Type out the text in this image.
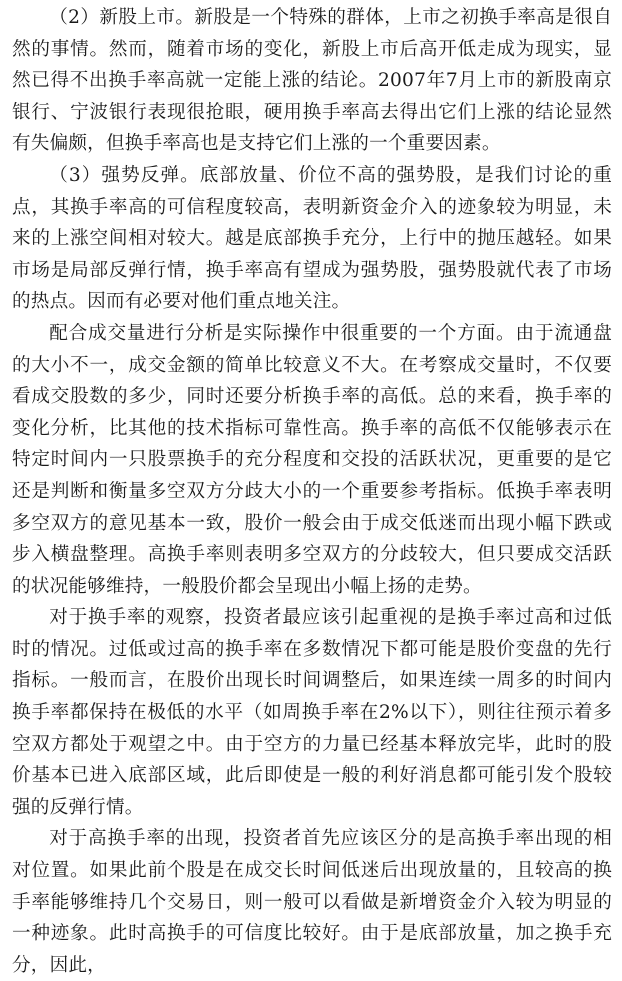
（2）新股上市。新股是一个特殊的群体，上市之初换手率高是很自然的事情。然而，随着市场的变化，新股上市后高开低走成为现实，显然已得不出换手率高就一定能上涨的结论。2007年7月上市的新股南京银行、宁波银行表现很抢眼，硬用换手率高去得出它们上涨的结论显然有失偏颇，但换手率高也是支持它们上涨的一个重要因素。

（3）强势反弹。底部放量、价位不高的强势股，是我们讨论的重点，其换手率高的可信程度较高，表明新资金介入的迹象较为明显，未来的上涨空间相对较大。越是底部换手充分，上行中的抛压越轻。如果市场是局部反弹行情，换手率高有望成为强势股，强势股就代表了市场的热点。因而有必要对他们重点地关注。

配合成交量进行分析是实际操作中很重要的一个方面。由于流通盘的大小不一，成交金额的简单比较意义不大。在考察成交量时，不仅要看成交股数的多少，同时还要分析换手率的高低。总的来看，换手率的变化分析，比其他的技术指标可靠性高。换手率的高低不仅能够表示在特定时间内一只股票换手的充分程度和交投的活跃状况，更重要的是它还是判断和衡量多空双方分歧大小的一个重要参考指标。低换手率表明多空双方的意见基本一致，股价一般会由于成交低迷而出现小幅下跌或步入横盘整理。高换手率则表明多空双方的分歧较大，但只要成交活跃的状况能够维持，一般股价都会呈现出小幅上扬的走势。

对于换手率的观察，投资者最应该引起重视的是换手率过高和过低时的情况。过低或过高的换手率在多数情况下都可能是股价变盘的先行指标。一般而言，在股价出现长时间调整后，如果连续一周多的时间内换手率都保持在极低的水平（如周换手率在2%以下），则往往预示着多空双方都处于观望之中。由于空方的力量已经基本释放完毕，此时的股价基本已进入底部区域，此后即使是一般的利好消息都可能引发个股较强的反弹行情。

对于高换手率的出现，投资者首先应该区分的是高换手率出现的相对位置。如果此前个股是在成交长时间低迷后出现放量的，且较高的换手率能够维持几个交易日，则一般可以看做是新增资金介入较为明显的一种迹象。此时高换手的可信度比较好。由于是底部放量，加之换手充分，因此，
